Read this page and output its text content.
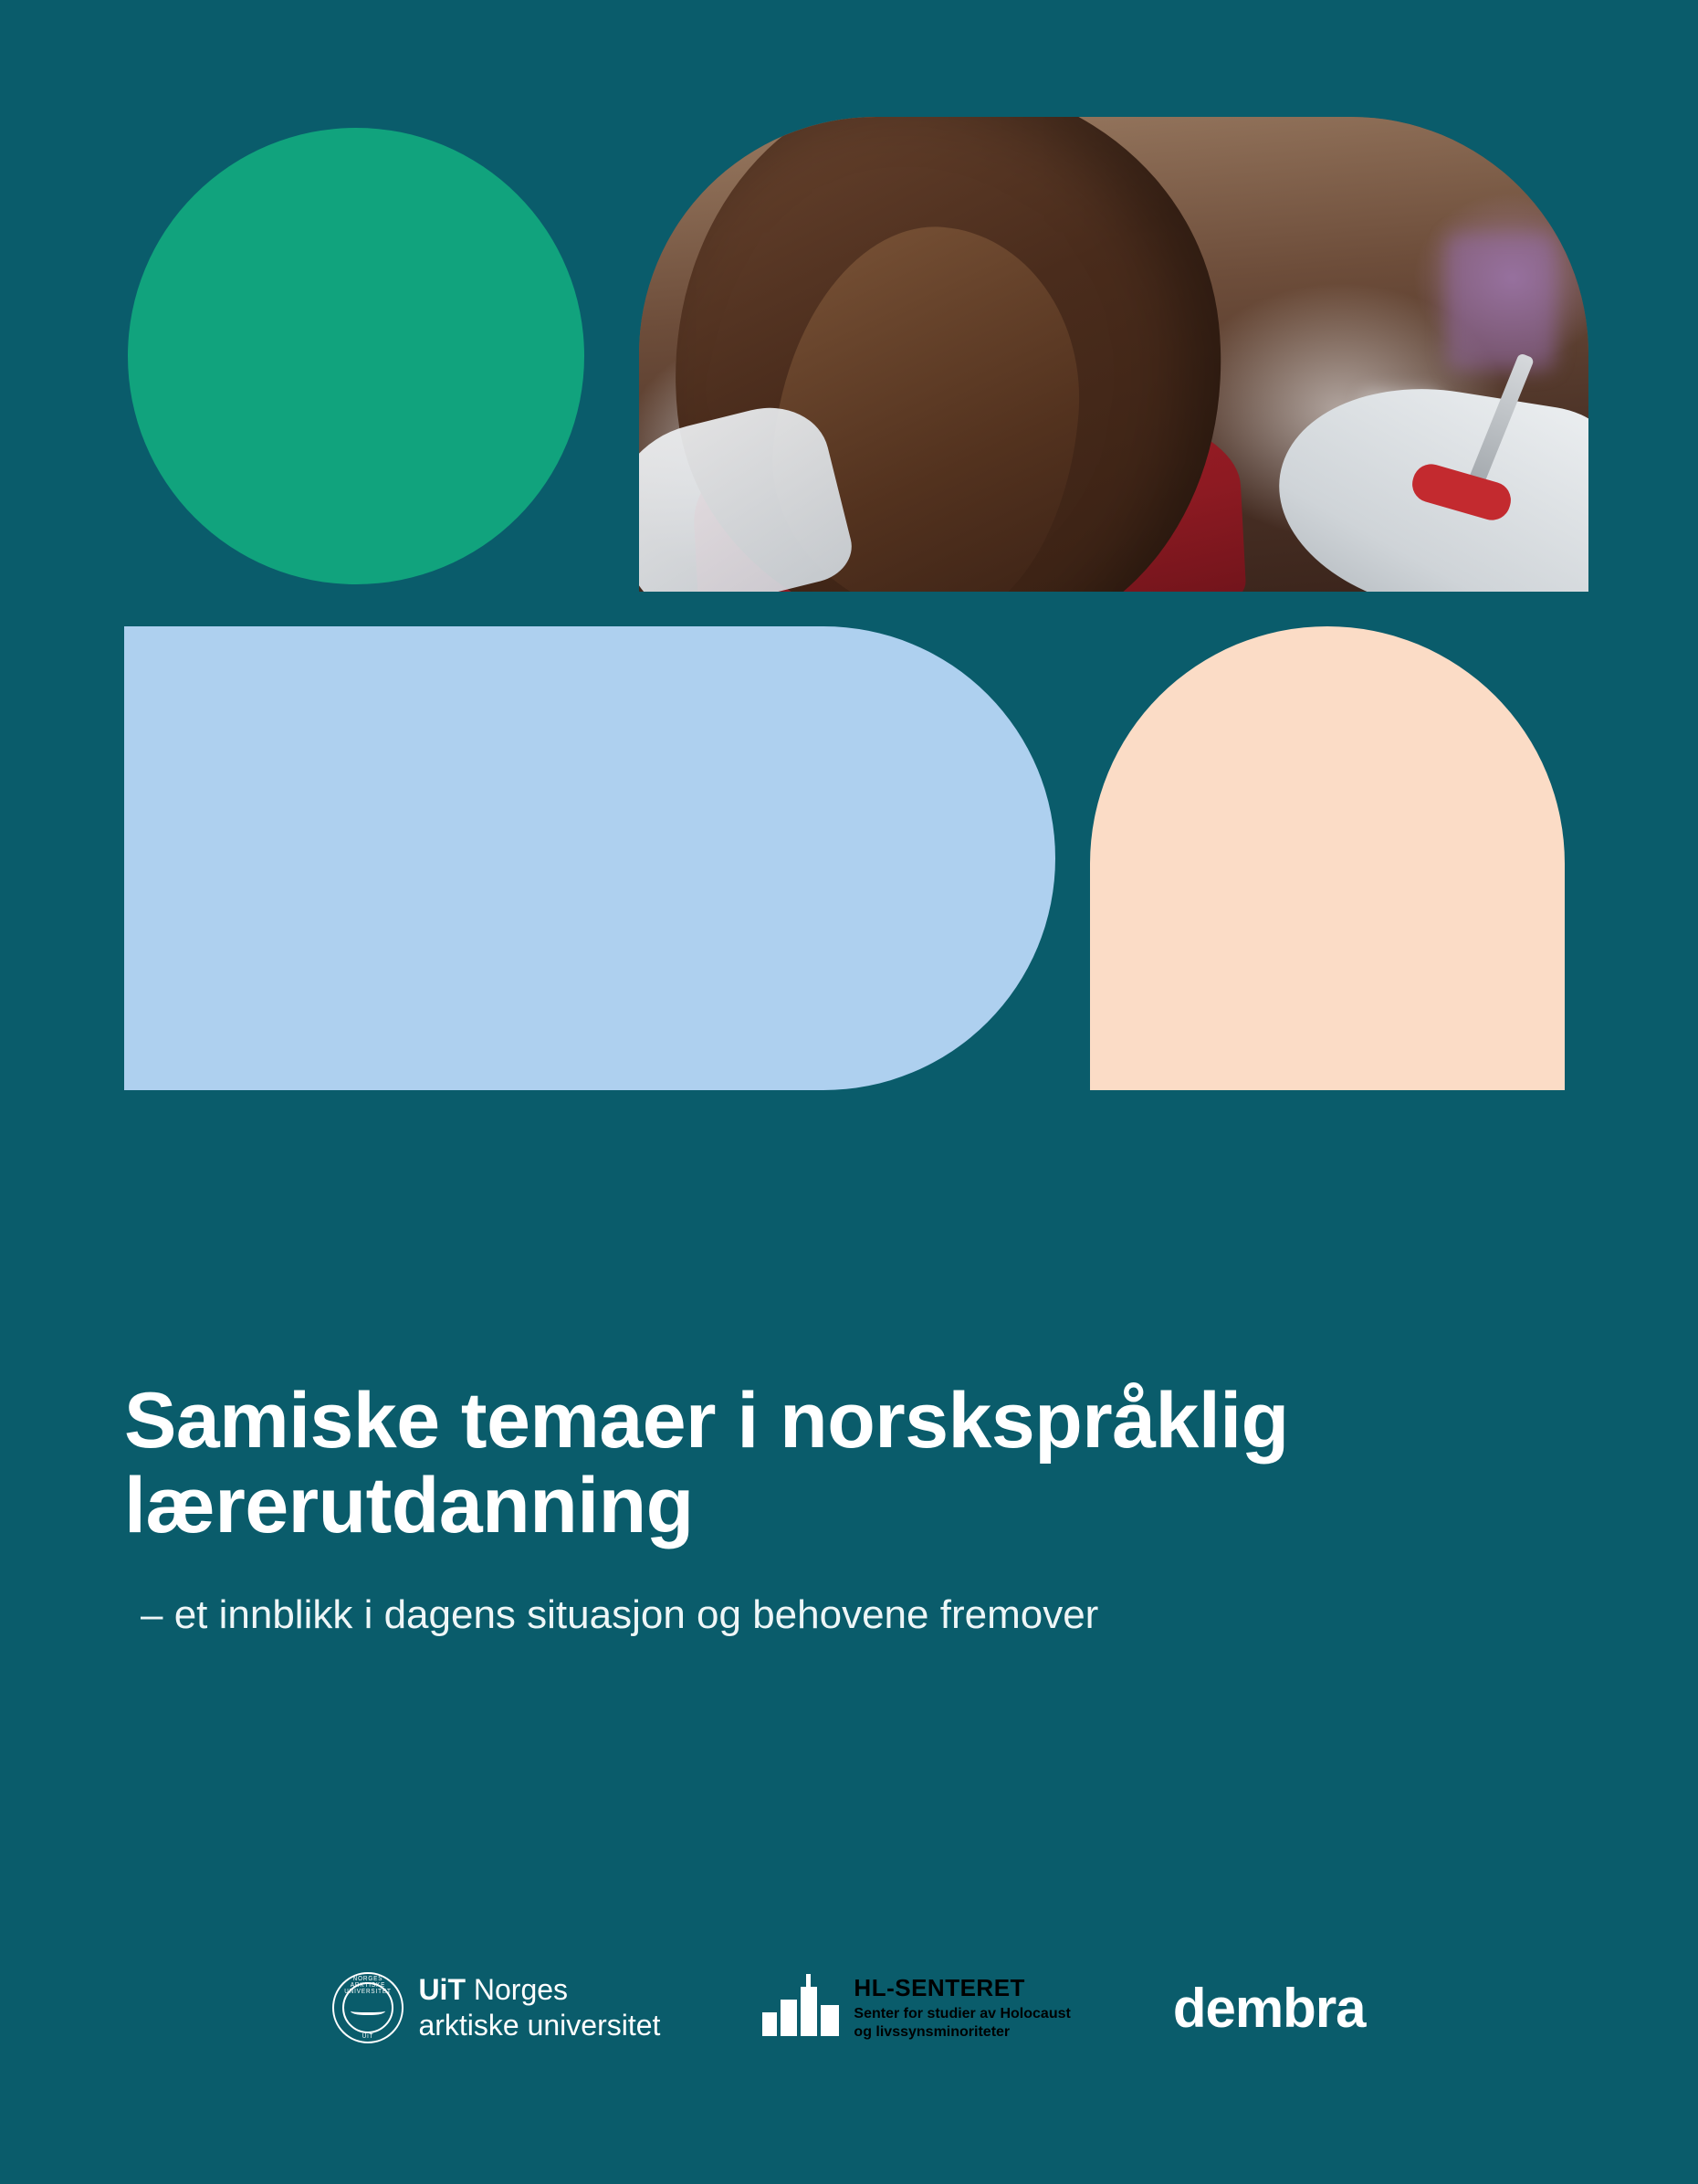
Samiske temaer i norskspråklig lærerutdanning

– et innblikk i dagens situasjon og behovene fremover

NORGES ARKTISKE UNIVERSITET
UiT
UiT Norges
arktiske universitet
HL-SENTERET
Senter for studier av Holocaust
og livssynsminoriteter	dembra
